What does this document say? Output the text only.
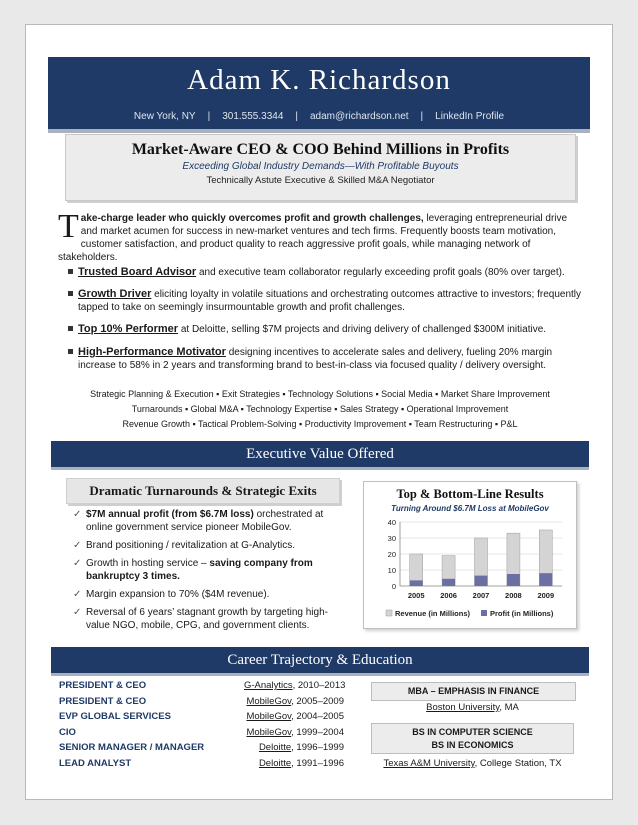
Adam K. Richardson
New York, NY | 301.555.3344 | adam@richardson.net | LinkedIn Profile
Market-Aware CEO & COO Behind Millions in Profits
Exceeding Global Industry Demands—With Profitable Buyouts
Technically Astute Executive & Skilled M&A Negotiator
Take-charge leader who quickly overcomes profit and growth challenges, leveraging entrepreneurial drive and market acumen for success in new-market ventures and tech firms. Frequently boosts team motivation, customer satisfaction, and product quality to reach aggressive profit goals, while managing network of stakeholders.
Trusted Board Advisor and executive team collaborator regularly exceeding profit goals (80% over target).
Growth Driver eliciting loyalty in volatile situations and orchestrating outcomes attractive to investors; frequently tapped to take on seemingly insurmountable growth and profit challenges.
Top 10% Performer at Deloitte, selling $7M projects and driving delivery of challenged $300M initiative.
High-Performance Motivator designing incentives to accelerate sales and delivery, fueling 20% margin increase to 58% in 2 years and transforming brand to best-in-class via focused quality / delivery oversight.
Strategic Planning & Execution ▪ Exit Strategies ▪ Technology Solutions ▪ Social Media ▪ Market Share Improvement
Turnarounds ▪ Global M&A ▪ Technology Expertise ▪ Sales Strategy ▪ Operational Improvement
Revenue Growth ▪ Tactical Problem-Solving ▪ Productivity Improvement ▪ Team Restructuring ▪ P&L
Executive Value Offered
Dramatic Turnarounds & Strategic Exits
✓ $7M annual profit (from $6.7M loss) orchestrated at online government service pioneer MobileGov.
✓ Brand positioning / revitalization at G-Analytics.
✓ Growth in hosting service – saving company from bankruptcy 3 times.
✓ Margin expansion to 70% ($4M revenue).
✓ Reversal of 6 years’ stagnant growth by targeting high-value NGO, mobile, CPG, and government clients.
Top & Bottom-Line Results
Turning Around $6.7M Loss at MobileGov
0
10
20
30
40
2005 2006 2007 2008 2009
Revenue (in Millions)	Profit (in Millions)
Career Trajectory & Education
MBA – EMPHASIS IN FINANCE
Boston University, MA
BS IN COMPUTER SCIENCE
BS IN ECONOMICS
Texas A&M University, College Station, TX
PRESIDENT & CEO	G-Analytics, 2010–2013
PRESIDENT & CEO	MobileGov, 2005–2009
EVP GLOBAL SERVICES	MobileGov, 2004–2005
CIO	MobileGov, 1999–2004
SENIOR MANAGER / MANAGER	Deloitte, 1996–1999
LEAD ANALYST	Deloitte, 1991–1996
